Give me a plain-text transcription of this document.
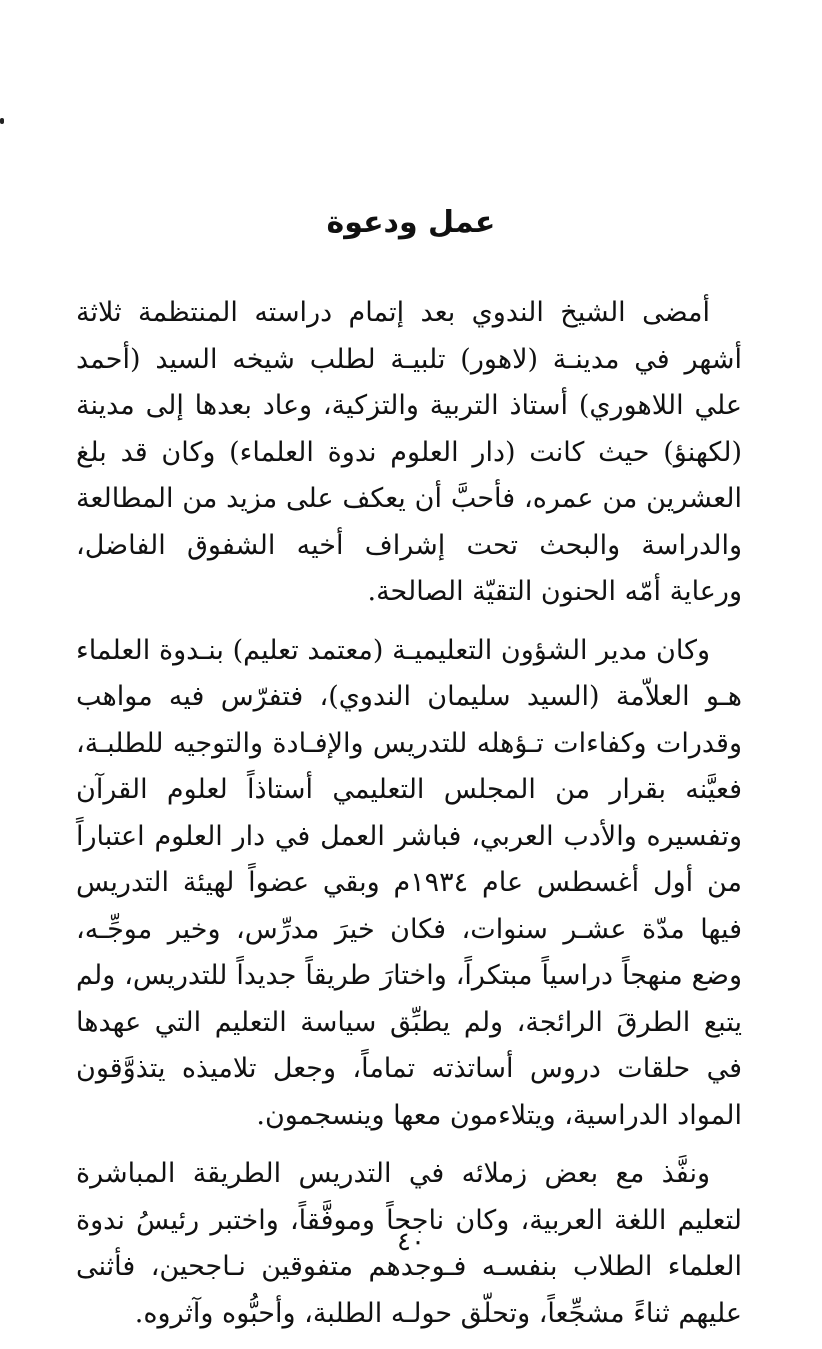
عمل ودعوة

أمضى الشيخ الندوي بعد إتمام دراسته المنتظمة ثلاثة أشهر في مدينـة (لاهور) تلبيـة لطلب شيخه السيد (أحمد علي اللاهوري) أستاذ التربية والتزكية، وعاد بعدها إلى مدينة (لكهنؤ) حيث كانت (دار العلوم ندوة العلماء) وكان قد بلغ العشرين من عمره، فأحبَّ أن يعكف على مزيد من المطالعة والدراسة والبحث تحت إشراف أخيه الشفوق الفاضل، ورعاية أمّه الحنون التقيّة الصالحة.

وكان مدير الشؤون التعليميـة (معتمد تعليم) بنـدوة العلماء هـو العلاّمة (السيد سليمان الندوي)، فتفرّس فيه مواهب وقدرات وكفاءات تـؤهله للتدريس والإفـادة والتوجيه للطلبـة، فعيَّنه بقرار من المجلس التعليمي أستاذاً لعلوم القرآن وتفسيره والأدب العربي، فباشر العمل في دار العلوم اعتباراً من أول أغسطس عام ١٩٣٤م وبقي عضواً لهيئة التدريس فيها مدّة عشـر سنوات، فكان خيرَ مدرِّس، وخير موجِّـه، وضع منهجاً دراسياً مبتكراً، واختارَ طريقاً جديداً للتدريس، ولم يتبع الطرقَ الرائجة، ولم يطبِّق سياسة التعليم التي عهدها في حلقات دروس أساتذته تماماً، وجعل تلاميذه يتذوَّقون المواد الدراسية، ويتلاءمون معها وينسجمون.

ونفَّذ مع بعض زملائه في التدريس الطريقة المباشرة لتعليم اللغة العربية، وكان ناجحاً وموفَّقاً، واختبر رئيسُ ندوة العلماء الطلاب بنفسـه فـوجدهم متفوقين نـاجحين، فأثنى عليهم ثناءً مشجِّعاً، وتحلّق حولـه الطلبة، وأحبُّوه وآثروه.

٤٠
